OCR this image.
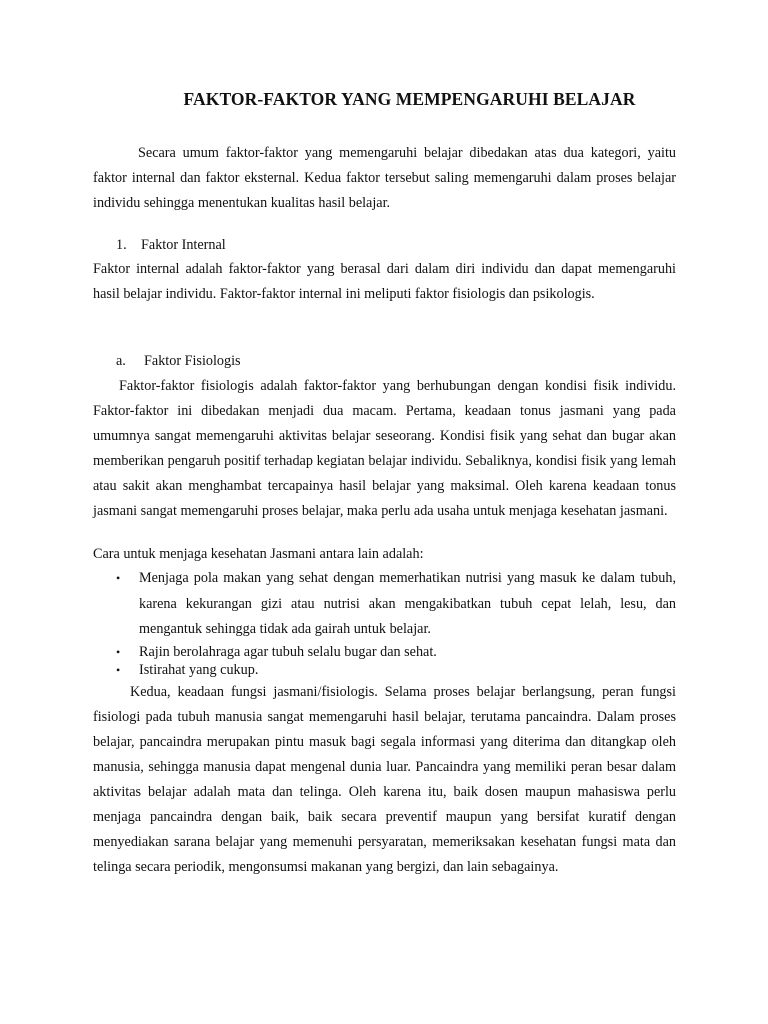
FAKTOR-FAKTOR YANG MEMPENGARUHI BELAJAR

Secara umum faktor-faktor yang memengaruhi belajar dibedakan atas dua kategori, yaitu faktor internal dan faktor eksternal. Kedua faktor tersebut saling memengaruhi dalam proses belajar individu sehingga menentukan kualitas hasil belajar.

1. Faktor Internal

Faktor internal adalah faktor-faktor yang berasal dari dalam diri individu dan dapat memengaruhi hasil belajar individu. Faktor-faktor internal ini meliputi faktor fisiologis dan psikologis.

a. Faktor Fisiologis

Faktor-faktor fisiologis adalah faktor-faktor yang berhubungan dengan kondisi fisik individu. Faktor-faktor ini dibedakan menjadi dua macam. Pertama, keadaan tonus jasmani yang pada umumnya sangat memengaruhi aktivitas belajar seseorang. Kondisi fisik yang sehat dan bugar akan memberikan pengaruh positif terhadap kegiatan belajar individu. Sebaliknya, kondisi fisik yang lemah atau sakit akan menghambat tercapainya hasil belajar yang maksimal. Oleh karena keadaan tonus jasmani sangat memengaruhi proses belajar, maka perlu ada usaha untuk menjaga kesehatan jasmani.

Cara untuk menjaga kesehatan Jasmani antara lain adalah:
• Menjaga pola makan yang sehat dengan memerhatikan nutrisi yang masuk ke dalam tubuh, karena kekurangan gizi atau nutrisi akan mengakibatkan tubuh cepat lelah, lesu, dan mengantuk sehingga tidak ada gairah untuk belajar.
• Rajin berolahraga agar tubuh selalu bugar dan sehat.
• Istirahat yang cukup.

Kedua, keadaan fungsi jasmani/fisiologis. Selama proses belajar berlangsung, peran fungsi fisiologi pada tubuh manusia sangat memengaruhi hasil belajar, terutama pancaindra. Dalam proses belajar, pancaindra merupakan pintu masuk bagi segala informasi yang diterima dan ditangkap oleh manusia, sehingga manusia dapat mengenal dunia luar. Pancaindra yang memiliki peran besar dalam aktivitas belajar adalah mata dan telinga. Oleh karena itu, baik dosen maupun mahasiswa perlu menjaga pancaindra dengan baik, baik secara preventif maupun yang bersifat kuratif dengan menyediakan sarana belajar yang memenuhi persyaratan, memeriksakan kesehatan fungsi mata dan telinga secara periodik, mengonsumsi makanan yang bergizi, dan lain sebagainya.
